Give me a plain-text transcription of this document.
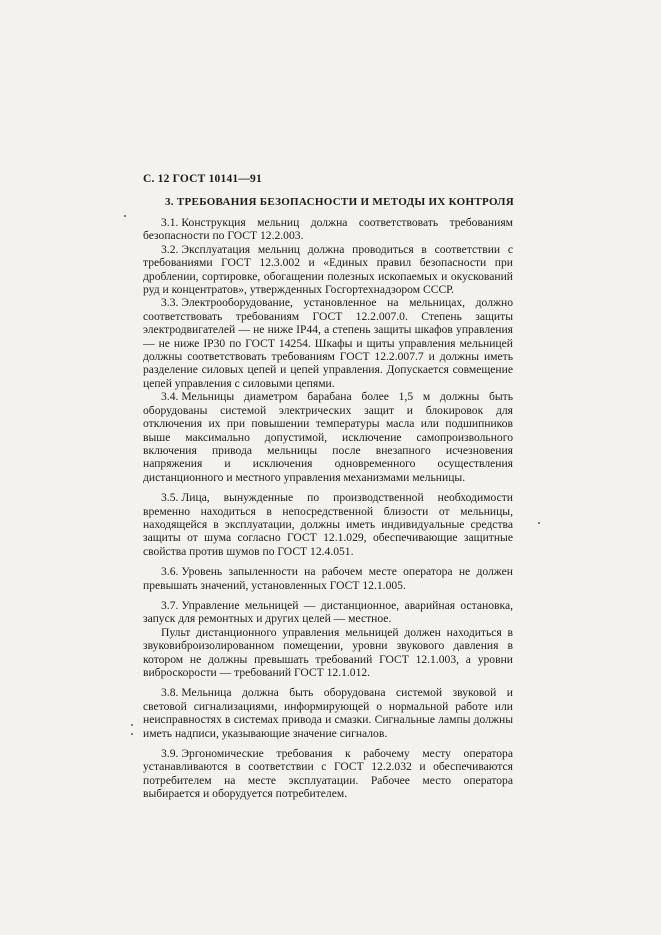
С. 12 ГОСТ 10141—91
3. ТРЕБОВАНИЯ БЕЗОПАСНОСТИ И МЕТОДЫ ИХ КОНТРОЛЯ

3.1. Конструкция мельниц должна соответствовать требованиям безопасности по ГОСТ 12.2.003.

3.2. Эксплуатация мельниц должна проводиться в соответствии с требованиями ГОСТ 12.3.002 и «Единых правил безопасности при дроблении, сортировке, обогащении полезных ископаемых и окускований руд и концентратов», утвержденных Госгортехнадзором СССР.

3.3. Электрооборудование, установленное на мельницах, должно соответствовать требованиям ГОСТ 12.2.007.0. Степень защиты электродвигателей — не ниже IP44, а степень защиты шкафов управления — не ниже IP30 по ГОСТ 14254. Шкафы и щиты управления мельницей должны соответствовать требованиям ГОСТ 12.2.007.7 и должны иметь разделение силовых цепей и цепей управления. Допускается совмещение цепей управления с силовыми цепями.

3.4. Мельницы диаметром барабана более 1,5 м должны быть оборудованы системой электрических защит и блокировок для отключения их при повышении температуры масла или подшипников выше максимально допустимой, исключение самопроизвольного включения привода мельницы после внезапного исчезновения напряжения и исключения одновременного осуществления дистанционного и местного управления механизмами мельницы.

3.5. Лица, вынужденные по производственной необходимости временно находиться в непосредственной близости от мельницы, находящейся в эксплуатации, должны иметь индивидуальные средства защиты от шума согласно ГОСТ 12.1.029, обеспечивающие защитные свойства против шумов по ГОСТ 12.4.051.

3.6. Уровень запыленности на рабочем месте оператора не должен превышать значений, установленных ГОСТ 12.1.005.

3.7. Управление мельницей — дистанционное, аварийная остановка, запуск для ремонтных и других целей — местное.

Пульт дистанционного управления мельницей должен находиться в звуковиброизолированном помещении, уровни звукового давления в котором не должны превышать требований ГОСТ 12.1.003, а уровни виброскорости — требований ГОСТ 12.1.012.

3.8. Мельница должна быть оборудована системой звуковой и световой сигнализациями, информирующей о нормальной работе или неисправностях в системах привода и смазки. Сигнальные лампы должны иметь надписи, указывающие значение сигналов.

3.9. Эргономические требования к рабочему месту оператора устанавливаются в соответствии с ГОСТ 12.2.032 и обеспечиваются потребителем на месте эксплуатации. Рабочее место оператора выбирается и оборудуется потребителем.
